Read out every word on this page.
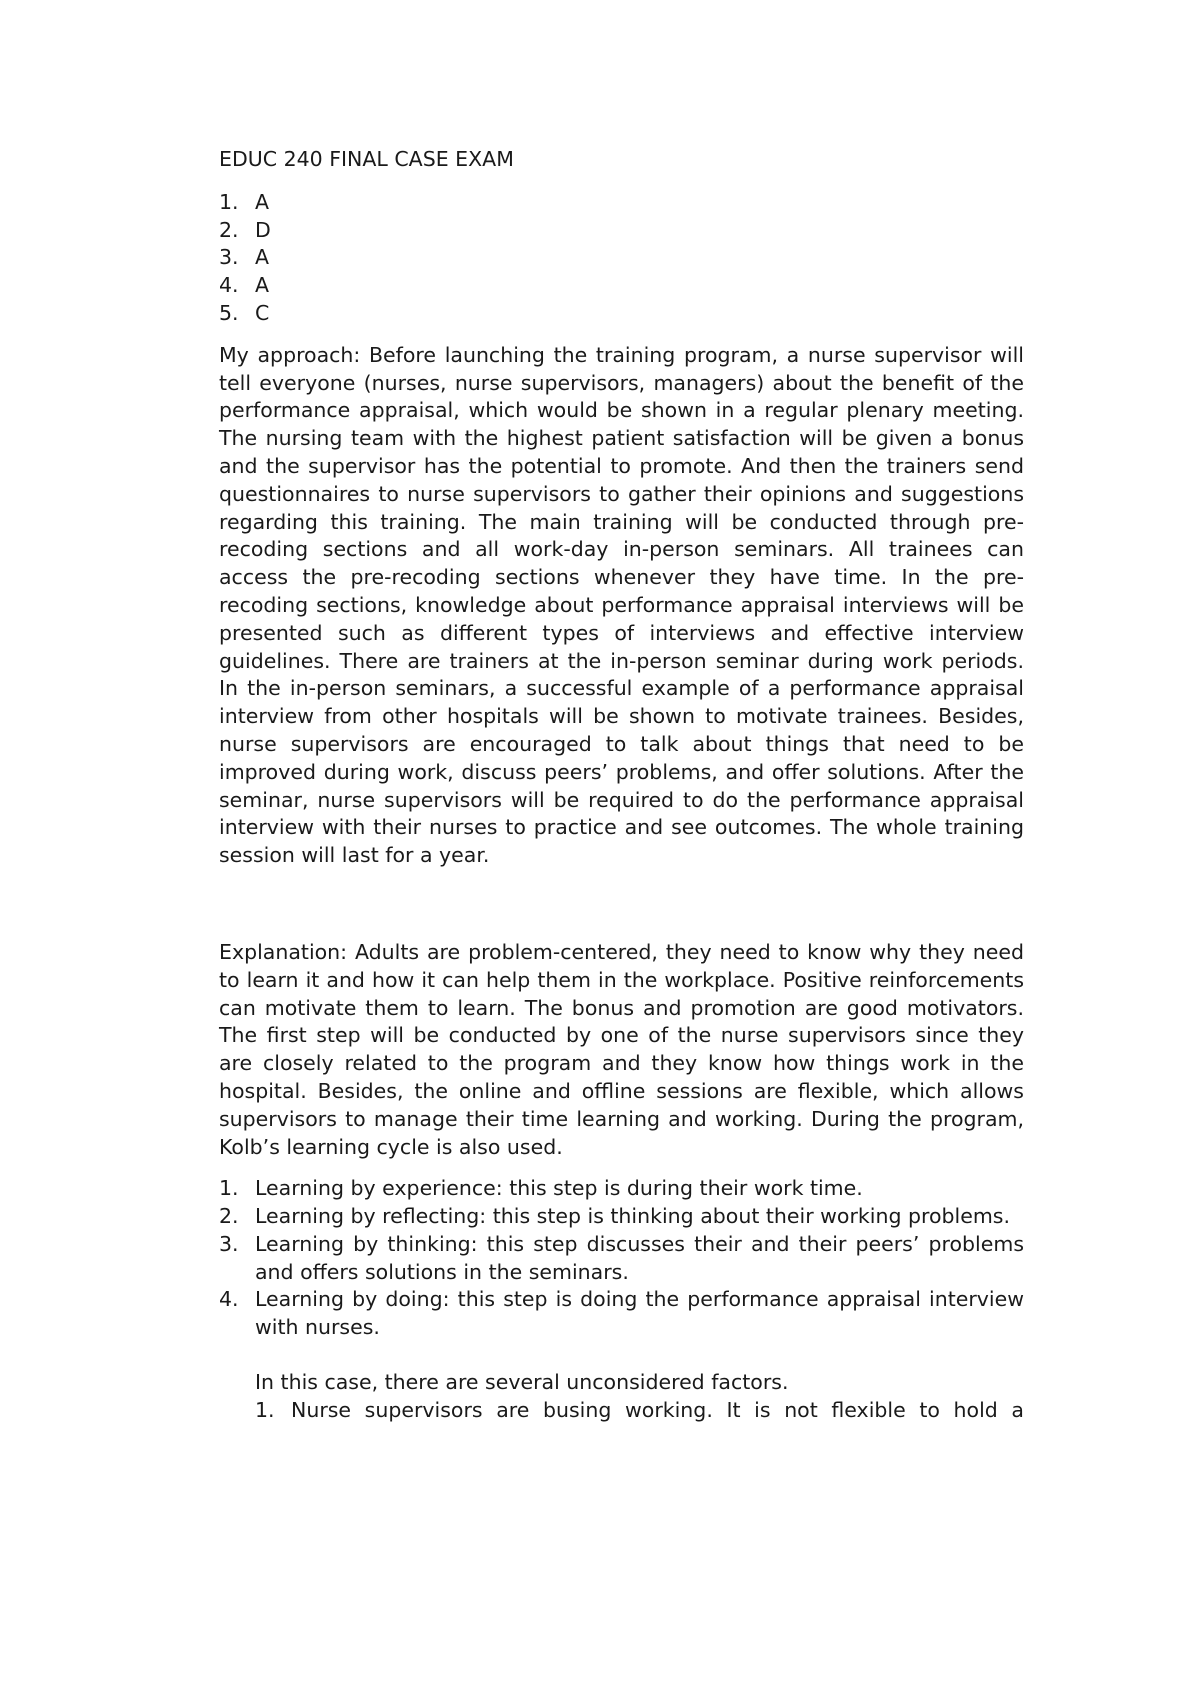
EDUC 240 FINAL CASE EXAM
1. A
2. D
3. A
4. A
5. C

My approach: Before launching the training program, a nurse supervisor will tell everyone (nurses, nurse supervisors, managers) about the benefit of the performance appraisal, which would be shown in a regular plenary meeting. The nursing team with the highest patient satisfaction will be given a bonus and the supervisor has the potential to promote. And then the trainers send questionnaires to nurse supervisors to gather their opinions and suggestions regarding this training. The main training will be conducted through pre-recoding sections and all work-day in-person seminars. All trainees can access the pre-recoding sections whenever they have time. In the pre-recoding sections, knowledge about performance appraisal interviews will be presented such as different types of interviews and effective interview guidelines. There are trainers at the in-person seminar during work periods. In the in-person seminars, a successful example of a performance appraisal interview from other hospitals will be shown to motivate trainees. Besides, nurse supervisors are encouraged to talk about things that need to be improved during work, discuss peers’ problems, and offer solutions. After the seminar, nurse supervisors will be required to do the performance appraisal interview with their nurses to practice and see outcomes. The whole training session will last for a year.

Explanation: Adults are problem-centered, they need to know why they need to learn it and how it can help them in the workplace. Positive reinforcements can motivate them to learn. The bonus and promotion are good motivators. The first step will be conducted by one of the nurse supervisors since they are closely related to the program and they know how things work in the hospital. Besides, the online and offline sessions are flexible, which allows supervisors to manage their time learning and working. During the program, Kolb’s learning cycle is also used.

1. Learning by experience: this step is during their work time.
2. Learning by reflecting: this step is thinking about their working problems.
3. Learning by thinking: this step discusses their and their peers’ problems and offers solutions in the seminars.
4. Learning by doing: this step is doing the performance appraisal interview with nurses.
In this case, there are several unconsidered factors.
1. Nurse supervisors are busing working. It is not flexible to hold a
